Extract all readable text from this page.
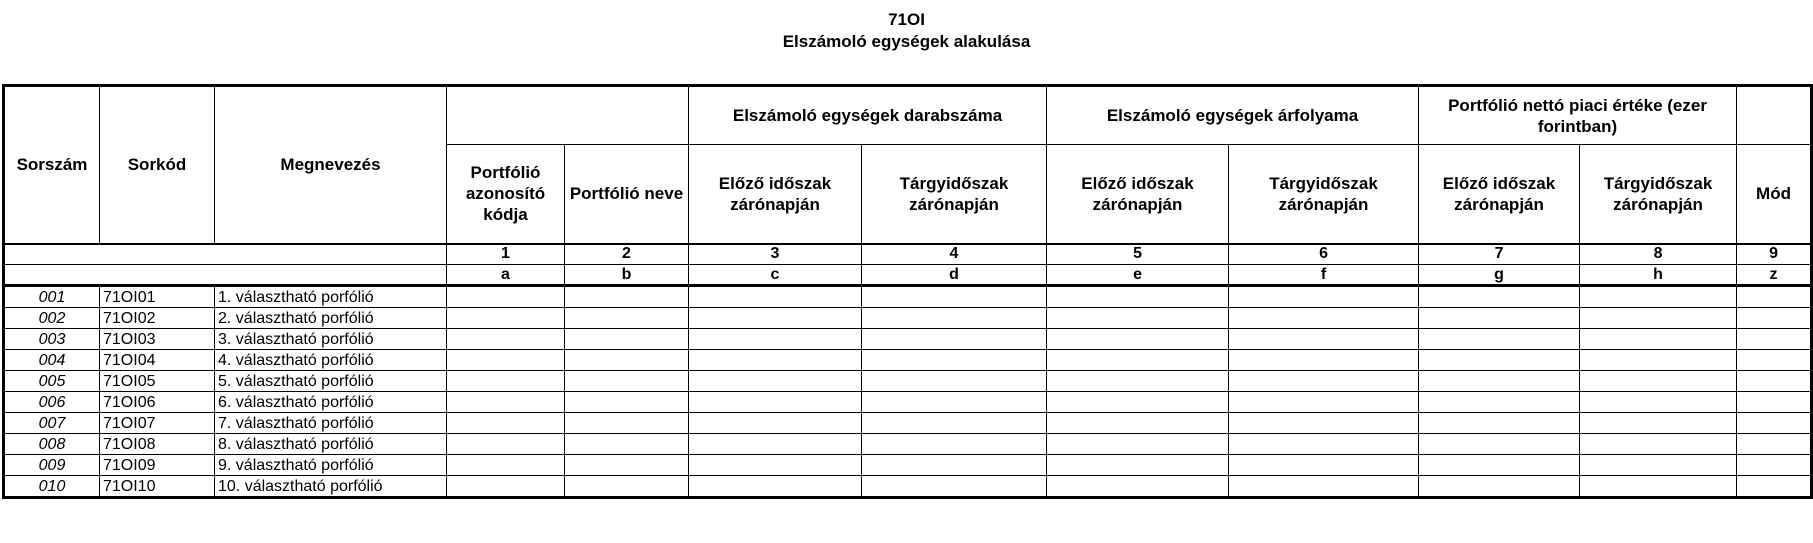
71OI
Elszámoló egységek alakulása
Sorszám	Sorkód	Megnevezés			Elszámoló egységek darabszáma		Elszámoló egységek árfolyama		Portfólió nettó piaci értéke (ezer forintban)		
			Portfólió azonosító kódja	Portfólió neve	Előző időszak zárónapján	Tárgyidőszak zárónapján	Előző időszak zárónapján	Tárgyidőszak zárónapján	Előző időszak zárónapján	Tárgyidőszak zárónapján	Mód
			1	2	3	4	5	6	7	8	9
			a	b	c	d	e	f	g	h	z
001	71OI01	1. választható porfólió									
002	71OI02	2. választható porfólió									
003	71OI03	3. választható porfólió									
004	71OI04	4. választható porfólió									
005	71OI05	5. választható porfólió									
006	71OI06	6. választható porfólió									
007	71OI07	7. választható porfólió									
008	71OI08	8. választható porfólió									
009	71OI09	9. választható porfólió									
010	71OI10	10. választható porfólió									
